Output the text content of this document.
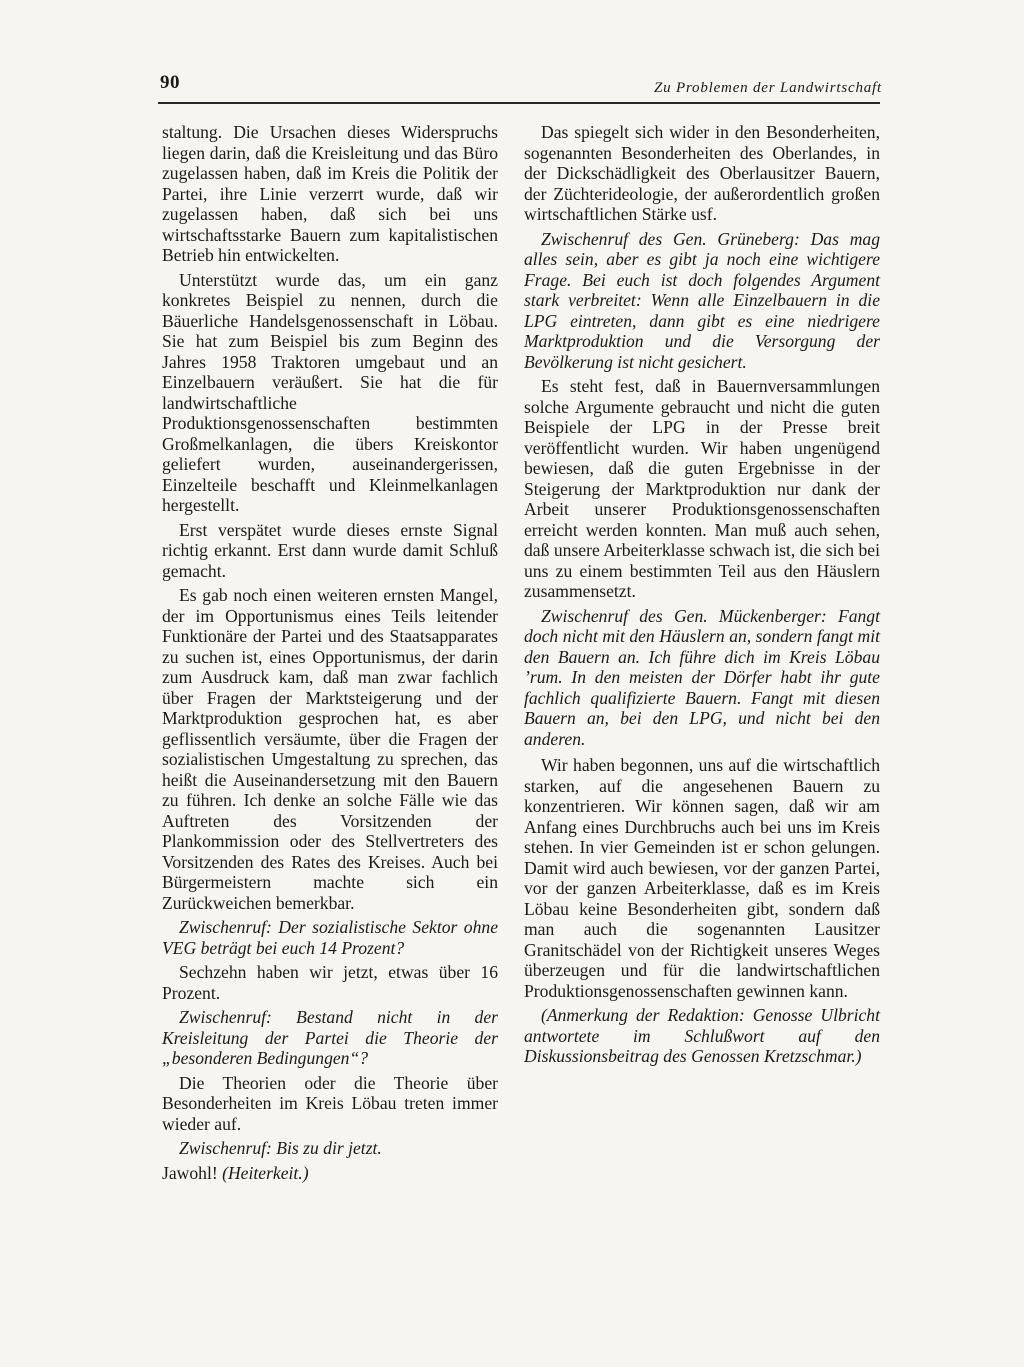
90	Zu Problemen der Landwirtschaft

staltung. Die Ursachen dieses Widerspruchs liegen darin, daß die Kreisleitung und das Büro zugelassen haben, daß im Kreis die Politik der Partei, ihre Linie verzerrt wurde, daß wir zugelassen haben, daß sich bei uns wirtschaftsstarke Bauern zum kapitalistischen Betrieb hin entwickelten.

Unterstützt wurde das, um ein ganz konkretes Beispiel zu nennen, durch die Bäuerliche Handelsgenossenschaft in Löbau. Sie hat zum Beispiel bis zum Beginn des Jahres 1958 Traktoren umgebaut und an Einzelbauern veräußert. Sie hat die für landwirtschaftliche Produktionsgenossenschaften bestimmten Großmelkanlagen, die übers Kreiskontor geliefert wurden, auseinandergerissen, Einzelteile beschafft und Kleinmelkanlagen hergestellt.

Erst verspätet wurde dieses ernste Signal richtig erkannt. Erst dann wurde damit Schluß gemacht.

Es gab noch einen weiteren ernsten Mangel, der im Opportunismus eines Teils leitender Funktionäre der Partei und des Staatsapparates zu suchen ist, eines Opportunismus, der darin zum Ausdruck kam, daß man zwar fachlich über Fragen der Marktsteigerung und der Marktproduktion gesprochen hat, es aber geflissentlich versäumte, über die Fragen der sozialistischen Umgestaltung zu sprechen, das heißt die Auseinandersetzung mit den Bauern zu führen. Ich denke an solche Fälle wie das Auftreten des Vorsitzenden der Plankommission oder des Stellvertreters des Vorsitzenden des Rates des Kreises. Auch bei Bürgermeistern machte sich ein Zurückweichen bemerkbar.

Zwischenruf: Der sozialistische Sektor ohne VEG beträgt bei euch 14 Prozent?

Sechzehn haben wir jetzt, etwas über 16 Prozent.

Zwischenruf: Bestand nicht in der Kreisleitung der Partei die Theorie der „besonderen Bedingungen“?

Die Theorien oder die Theorie über Besonderheiten im Kreis Löbau treten immer wieder auf.

Zwischenruf: Bis zu dir jetzt.

Jawohl! (Heiterkeit.)

Das spiegelt sich wider in den Besonderheiten, sogenannten Besonderheiten des Oberlandes, in der Dickschädligkeit des Oberlausitzer Bauern, der Züchterideologie, der außerordentlich großen wirtschaftlichen Stärke usf.

Zwischenruf des Gen. Grüneberg: Das mag alles sein, aber es gibt ja noch eine wichtigere Frage. Bei euch ist doch folgendes Argument stark verbreitet: Wenn alle Einzelbauern in die LPG eintreten, dann gibt es eine niedrigere Marktproduktion und die Versorgung der Bevölkerung ist nicht gesichert.

Es steht fest, daß in Bauernversammlungen solche Argumente gebraucht und nicht die guten Beispiele der LPG in der Presse breit veröffentlicht wurden. Wir haben ungenügend bewiesen, daß die guten Ergebnisse in der Steigerung der Marktproduktion nur dank der Arbeit unserer Produktionsgenossenschaften erreicht werden konnten. Man muß auch sehen, daß unsere Arbeiterklasse schwach ist, die sich bei uns zu einem bestimmten Teil aus den Häuslern zusammensetzt.

Zwischenruf des Gen. Mückenberger: Fangt doch nicht mit den Häuslern an, sondern fangt mit den Bauern an. Ich führe dich im Kreis Löbau ’rum. In den meisten der Dörfer habt ihr gute fachlich qualifizierte Bauern. Fangt mit diesen Bauern an, bei den LPG, und nicht bei den anderen.

Wir haben begonnen, uns auf die wirtschaftlich starken, auf die angesehenen Bauern zu konzentrieren. Wir können sagen, daß wir am Anfang eines Durchbruchs auch bei uns im Kreis stehen. In vier Gemeinden ist er schon gelungen. Damit wird auch bewiesen, vor der ganzen Partei, vor der ganzen Arbeiterklasse, daß es im Kreis Löbau keine Besonderheiten gibt, sondern daß man auch die sogenannten Lausitzer Granitschädel von der Richtigkeit unseres Weges überzeugen und für die landwirtschaftlichen Produktionsgenossenschaften gewinnen kann.

(Anmerkung der Redaktion: Genosse Ulbricht antwortete im Schlußwort auf den Diskussionsbeitrag des Genossen Kretzschmar.)
